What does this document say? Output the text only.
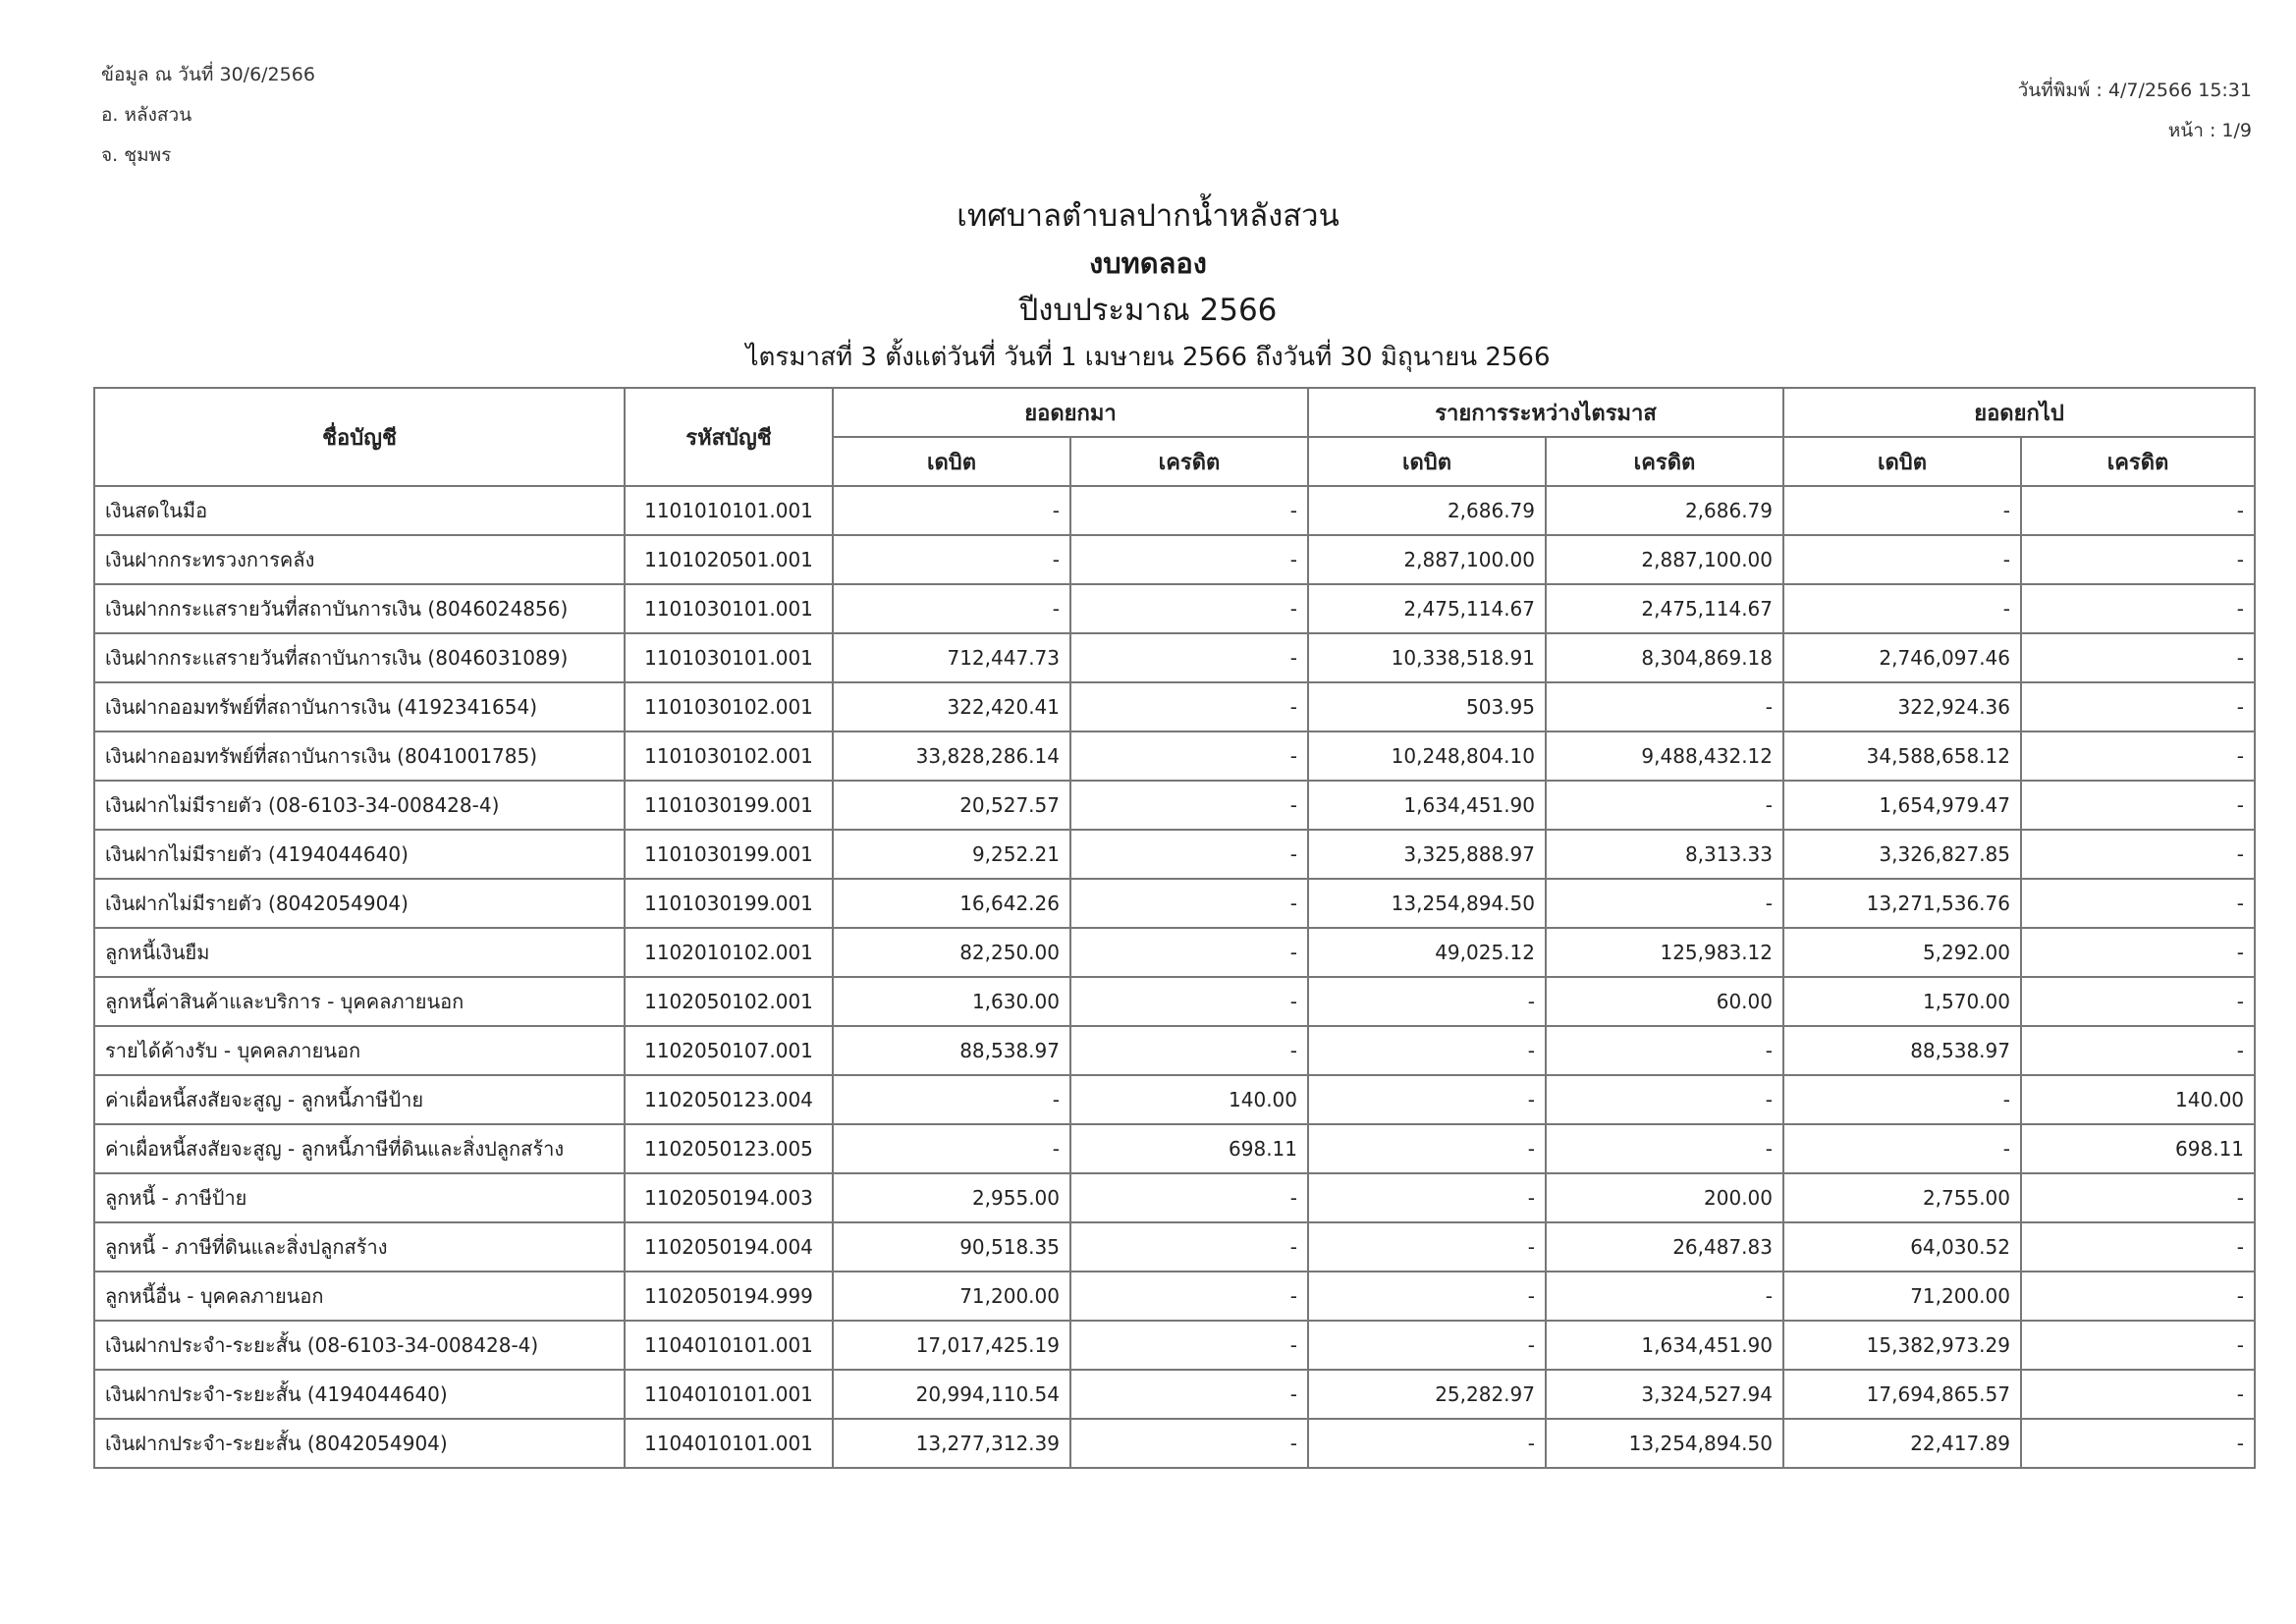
ข้อมูล ณ วันที่ 30/6/2566
อ. หลังสวน
จ. ชุมพร
วันที่พิมพ์ : 4/7/2566 15:31
หน้า : 1/9
เทศบาลตำบลปากน้ำหลังสวน
งบทดลอง
ปีงบประมาณ 2566
ไตรมาสที่ 3 ตั้งแต่วันที่ วันที่ 1 เมษายน 2566 ถึงวันที่ 30 มิถุนายน 2566
ชื่อบัญชี	รหัสบัญชี	ยอดยกมา		รายการระหว่างไตรมาส		ยอดยกไป	
		เดบิต	เครดิต	เดบิต	เครดิต	เดบิต	เครดิต
เงินสดในมือ	1101010101.001	-	-	2,686.79	2,686.79	-	-
เงินฝากกระทรวงการคลัง	1101020501.001	-	-	2,887,100.00	2,887,100.00	-	-
เงินฝากกระแสรายวันที่สถาบันการเงิน (8046024856)	1101030101.001	-	-	2,475,114.67	2,475,114.67	-	-
เงินฝากกระแสรายวันที่สถาบันการเงิน (8046031089)	1101030101.001	712,447.73	-	10,338,518.91	8,304,869.18	2,746,097.46	-
เงินฝากออมทรัพย์ที่สถาบันการเงิน (4192341654)	1101030102.001	322,420.41	-	503.95	-	322,924.36	-
เงินฝากออมทรัพย์ที่สถาบันการเงิน (8041001785)	1101030102.001	33,828,286.14	-	10,248,804.10	9,488,432.12	34,588,658.12	-
เงินฝากไม่มีรายตัว (08-6103-34-008428-4)	1101030199.001	20,527.57	-	1,634,451.90	-	1,654,979.47	-
เงินฝากไม่มีรายตัว (4194044640)	1101030199.001	9,252.21	-	3,325,888.97	8,313.33	3,326,827.85	-
เงินฝากไม่มีรายตัว (8042054904)	1101030199.001	16,642.26	-	13,254,894.50	-	13,271,536.76	-
ลูกหนี้เงินยืม	1102010102.001	82,250.00	-	49,025.12	125,983.12	5,292.00	-
ลูกหนี้ค่าสินค้าและบริการ - บุคคลภายนอก	1102050102.001	1,630.00	-	-	60.00	1,570.00	-
รายได้ค้างรับ - บุคคลภายนอก	1102050107.001	88,538.97	-	-	-	88,538.97	-
ค่าเผื่อหนี้สงสัยจะสูญ - ลูกหนี้ภาษีป้าย	1102050123.004	-	140.00	-	-	-	140.00
ค่าเผื่อหนี้สงสัยจะสูญ - ลูกหนี้ภาษีที่ดินและสิ่งปลูกสร้าง	1102050123.005	-	698.11	-	-	-	698.11
ลูกหนี้ - ภาษีป้าย	1102050194.003	2,955.00	-	-	200.00	2,755.00	-
ลูกหนี้ - ภาษีที่ดินและสิ่งปลูกสร้าง	1102050194.004	90,518.35	-	-	26,487.83	64,030.52	-
ลูกหนี้อื่น - บุคคลภายนอก	1102050194.999	71,200.00	-	-	-	71,200.00	-
เงินฝากประจำ-ระยะสั้น (08-6103-34-008428-4)	1104010101.001	17,017,425.19	-	-	1,634,451.90	15,382,973.29	-
เงินฝากประจำ-ระยะสั้น (4194044640)	1104010101.001	20,994,110.54	-	25,282.97	3,324,527.94	17,694,865.57	-
เงินฝากประจำ-ระยะสั้น (8042054904)	1104010101.001	13,277,312.39	-	-	13,254,894.50	22,417.89	-
